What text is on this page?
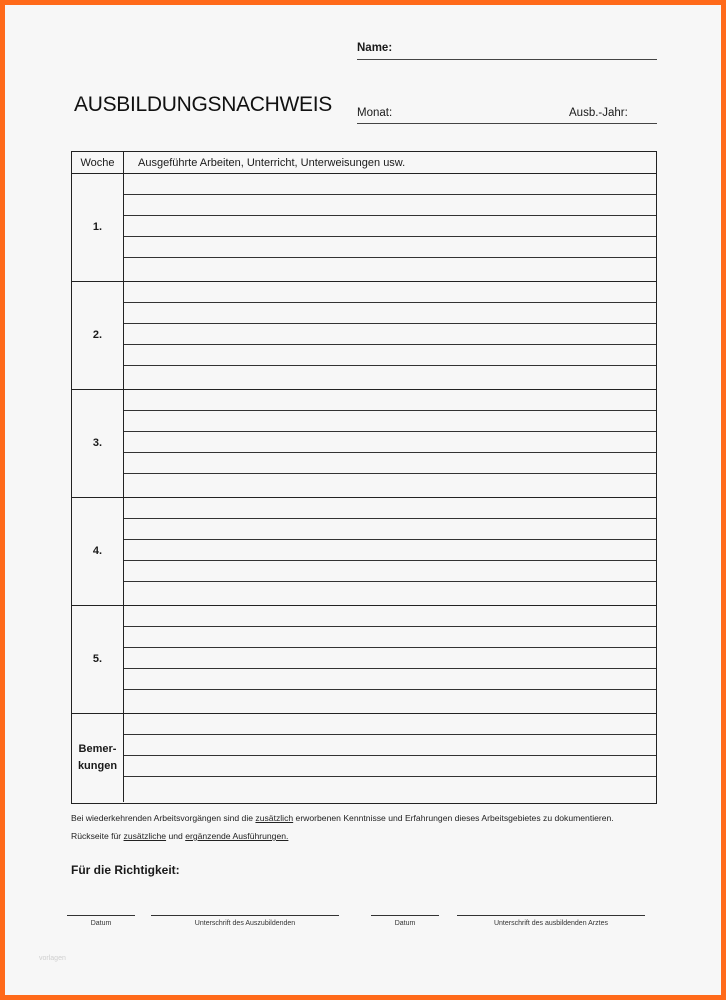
Name:
AUSBILDUNGSNACHWEIS Monat:	Ausb.-Jahr:
Woche	Ausgeführte Arbeiten, Unterricht, Unterweisungen usw.
1.
2.
3.
4.
5.
Bemer-
kungen
Bei wiederkehrenden Arbeitsvorgängen sind die zusätzlich erworbenen Kenntnisse und Erfahrungen dieses Arbeitsgebietes zu dokumentieren.
Rückseite für zusätzliche und ergänzende Ausführungen.
Für die Richtigkeit:
Datum	Unterschrift des Auszubildenden	Datum	Unterschrift des ausbildenden Arztes
vorlagen
